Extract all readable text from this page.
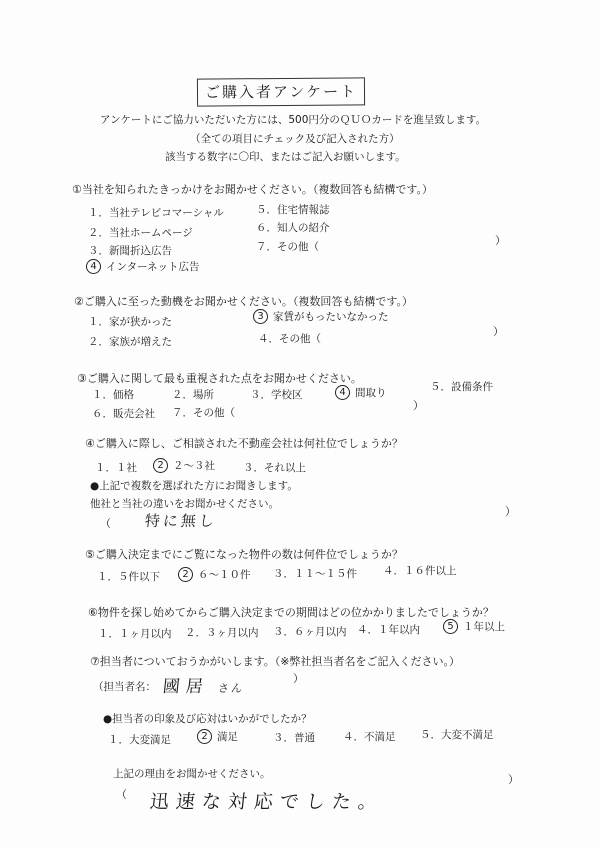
ご購入者アンケート
アンケートにご協力いただいた方には、500円分のＱＵＯカードを進呈致します。
（全ての項目にチェック及び記入された方）
該当する数字に〇印、またはご記入お願いします。
①当社を知られたきっかけをお聞かせください。（複数回答も結構です。）
１． 当社テレビコマーシャル
２． 当社ホームページ
３． 新聞折込広告
4 インターネット広告
５． 住宅情報誌
６． 知人の紹介
７． その他（	）
②ご購入に至った動機をお聞かせください。（複数回答も結構です。）
１． 家が狭かった
２． 家族が増えた
3 家賃がもったいなかった
４． その他（
）
③ご購入に関して最も重視された点をお聞かせください。
１． 価格	２． 場所	３． 学校区	4 間取り	５． 設備条件
６． 販売会社 ７． その他（
）
④ご購入に際し、ご相談された不動産会社は何社位でしょうか？
１． １社	2 ２～３社	３． それ以上
●上記で複数を選ばれた方にお聞きします。
他社と当社の違いをお聞かせください。
（ 特に無し
）
⑤ご購入決定までにご覧になった物件の数は何件位でしょうか？
１． ５件以下	2 ６～１０件 ３． １１～１５件 ４． １６件以上
⑥物件を探し始めてからご購入決定までの期間はどの位かかりましたでしょうか？
１． １ヶ月以内 ２． ３ヶ月以内 ３． ６ヶ月以内 ４． １年以内	5 １年以上
⑦担当者についておうかがいします。（※弊社担当者名をご記入ください。）
（担当者名： 國居 さん
）
●担当者の印象及び応対はいかがでしたか？
１． 大変満足	2 満足	３． 普通	４． 不満足 ５． 大変不満足
上記の理由をお聞かせください。	）
（ 迅速な対応でした。
